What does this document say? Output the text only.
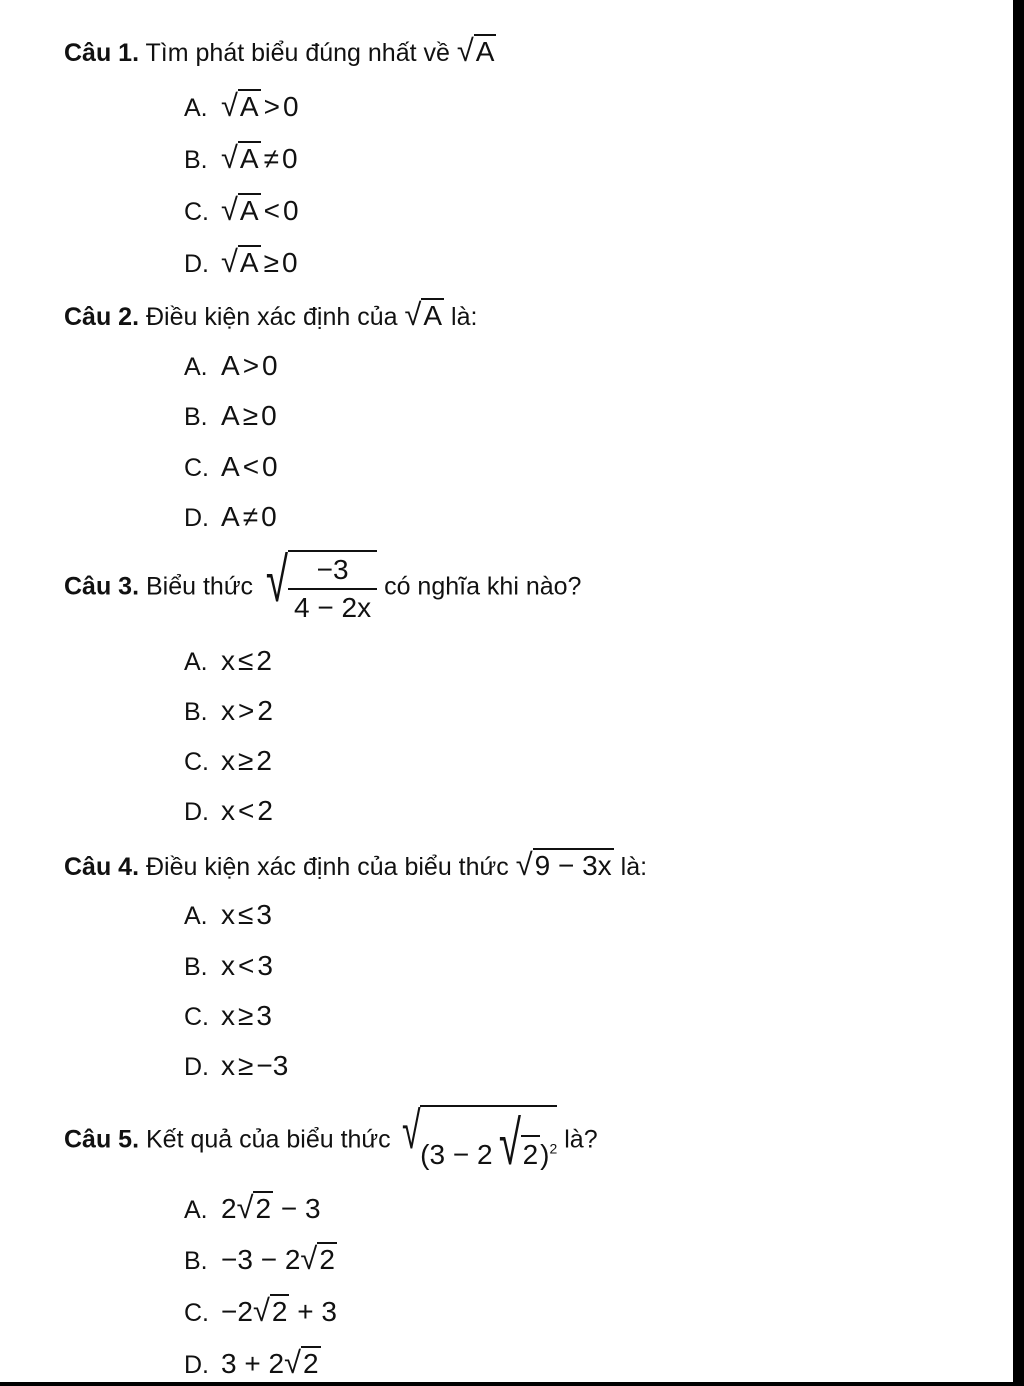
Câu 1. Tìm phát biểu đúng nhất về √A
A. √A > 0
B. √A ≠ 0
C. √A < 0
D. √A ≥ 0
Câu 2. Điều kiện xác định của √A là:
A. A > 0
B. A ≥ 0
C. A < 0
D. A ≠ 0
Câu 3. Biểu thức √ $\frac{-3}{4 - 2x}$ có nghĩa khi nào?
A. x ≤ 2
B. x > 2
C. x ≥ 2
D. x < 2
Câu 4. Điều kiện xác định của biểu thức √9 − 3x là:
A. x ≤ 3
B. x < 3
C. x ≥ 3
D. x ≥ −3
Câu 5. Kết quả của biểu thức √ $(3 - 2√2)^2$ là?
A. 2√2 − 3
B. −3 − 2√2
C. −2√2 + 3
D. 3 + 2√2
